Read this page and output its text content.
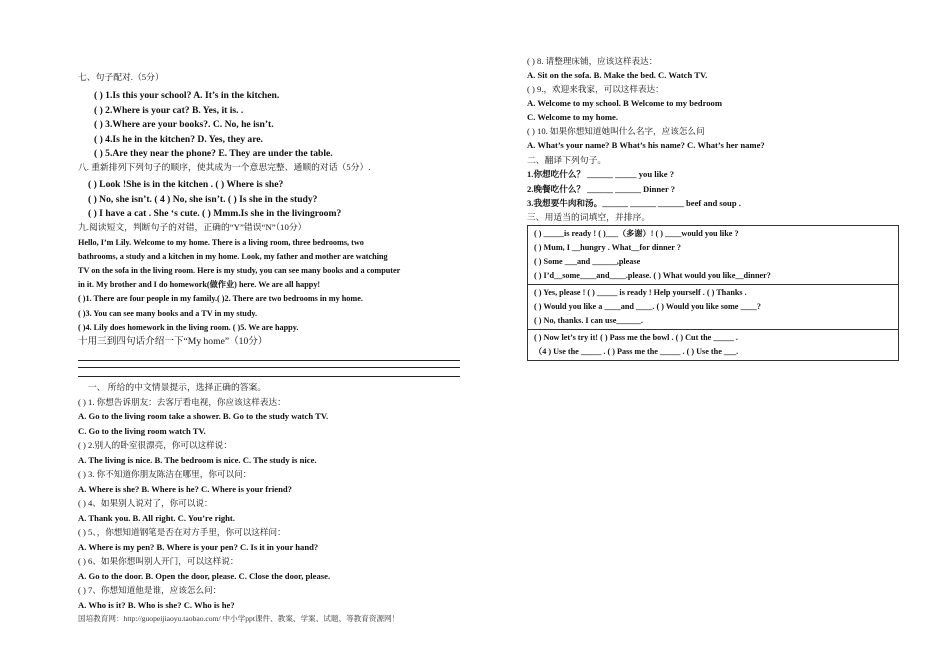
七、句子配对.（5分）
( ) 1.Is this your school? A. It’s in the kitchen.
( ) 2.Where is your cat? B. Yes, it is. .
( ) 3.Where are your books?. C. No, he isn’t.
( ) 4.Is he in the kitchen? D. Yes, they are.
( ) 5.Are they near the phone? E. They are under the table.
八. 重新排列下列句子的顺序，使其成为一个意思完整、通顺的对话（5分）.
( ) Look !She is in the kitchen . ( ) Where is she?
( ) No, she isn’t. ( 4 ) No, she isn’t. ( ) Is she in the study?
( ) I have a cat . She ‘s cute. ( ) Mmm.Is she in the livingroom?
九.阅读短文，判断句子的对错，正确的“Y”错误“N”（10分）
Hello, I’m Lily. Welcome to my home. There is a living room, three bedrooms, two
bathrooms, a study and a kitchen in my home. Look, my father and mother are watching
TV on the sofa in the living room. Here is my study, you can see many books and a computer
in it. My brother and I do homework(做作业) here. We are all happy!
( )1. There are four people in my family.( )2. There are two bedrooms in my home.
( )3. You can see many books and a TV in my study.
( )4. Lily does homework in the living room. ( )5. We are happy.
十用三到四句话介绍一下“My home”（10分）
一、 所给的中文情景提示，选择正确的答案。
( ) 1. 你想告诉朋友：去客厅看电视，你应该这样表达：
A. Go to the living room take a shower. B. Go to the study watch TV.
C. Go to the living room watch TV.
( ) 2.别人的卧室很漂亮，你可以这样说：
A. The living is nice. B. The bedroom is nice. C. The study is nice.
( ) 3. 你不知道你朋友陈洁在哪里，你可以问：
A. Where is she? B. Where is he? C. Where is your friend?
( ) 4、如果别人说对了，你可以说：
A. Thank you. B. All right. C. You’re right.
( ) 5、，你想知道钢笔是否在对方手里，你可以这样问：
A. Where is my pen? B. Where is your pen? C. Is it in your hand?
( ) 6、如果你想叫别人开门，可以这样说：
A. Go to the door. B. Open the door, please. C. Close the door, please.
( ) 7、你想知道他是谁，应该怎么问：
A. Who is it? B. Who is she? C. Who is he?
( ) 8. 请整理床铺，应该这样表达：
A. Sit on the sofa. B. Make the bed. C. Watch TV.
( ) 9.，欢迎来我家，可以这样表达：
A. Welcome to my school. B Welcome to my bedroom
C. Welcome to my home.
( ) 10. 如果你想知道她叫什么名字，应该怎么问
A. What’s your name? B What’s his name? C. What’s her name?
二、翻译下列句子。
1.你想吃什么？ ______ _____ you like ?
2.晚餐吃什么？ ______ ______ Dinner ?
3.我想要牛肉和汤。______ ______ ______ beef and soup .
三、用适当的词填空，并排序。
( ) _____is ready ! ( )___（多谢）! ( ) ____would you like ?
( ) Mum, I __hungry . What__for dinner ?
( ) Some ___and ______,please
( ) I’d__some____and____.please. ( ) What would you like__dinner?
( ) Yes, please ! ( ) _____ is ready ! Help yourself . ( ) Thanks .
( ) Would you like a ____and ____. ( ) Would you like some ____?
( ) No, thanks. I can use______.
( ) Now let’s try it! ( ) Pass me the bowl . ( ) Cut the _____ .
（4 ) Use the _____ . ( ) Pass me the _____ . ( ) Use the ___.
国培教育网：http://guopeijiaoyu.taobao.com/ 中小学ppt课件、教案、学案、试题、等教育资源网！
